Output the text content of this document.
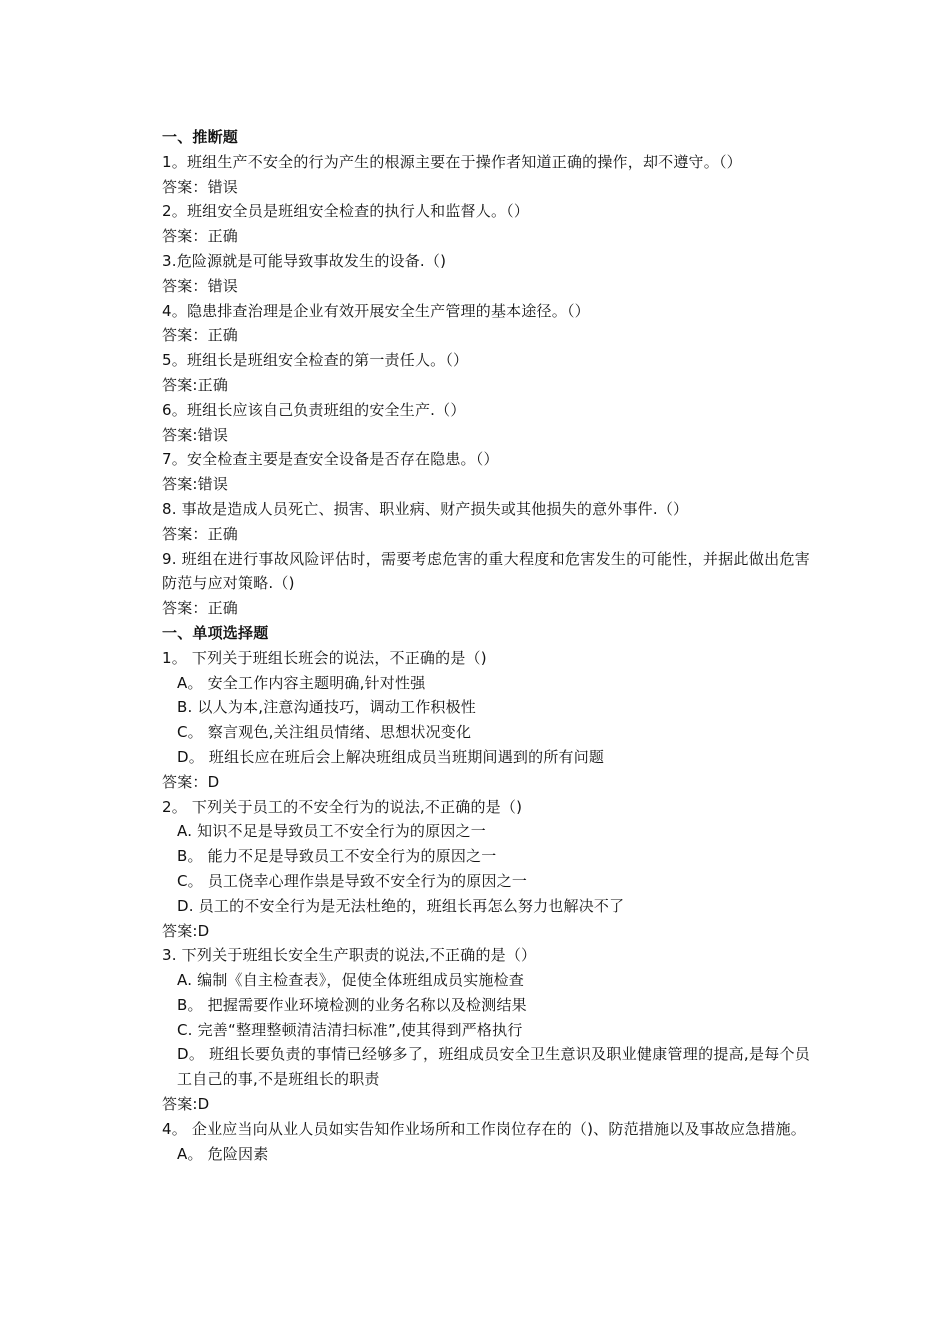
一、推断题
1。班组生产不安全的行为产生的根源主要在于操作者知道正确的操作，却不遵守。（）
答案：错误
2。班组安全员是班组安全检查的执行人和监督人。（）
答案：正确
3.危险源就是可能导致事故发生的设备.（)
答案：错误
4。隐患排查治理是企业有效开展安全生产管理的基本途径。（）
答案：正确
5。班组长是班组安全检查的第一责任人。（）
答案:正确
6。班组长应该自己负责班组的安全生产.（）
答案:错误
7。安全检查主要是查安全设备是否存在隐患。（）
答案:错误
8. 事故是造成人员死亡、损害、职业病、财产损失或其他损失的意外事件.（）
答案：正确
9. 班组在进行事故风险评估时，需要考虑危害的重大程度和危害发生的可能性，并据此做出危害防范与应对策略.（)
答案：正确
一、单项选择题
1。 下列关于班组长班会的说法，不正确的是（)
A。 安全工作内容主题明确,针对性强
B. 以人为本,注意沟通技巧，调动工作积极性
C。 察言观色,关注组员情绪、思想状况变化
D。 班组长应在班后会上解决班组成员当班期间遇到的所有问题
答案：D
2。 下列关于员工的不安全行为的说法,不正确的是（)
A. 知识不足是导致员工不安全行为的原因之一
B。 能力不足是导致员工不安全行为的原因之一
C。 员工侥幸心理作祟是导致不安全行为的原因之一
D. 员工的不安全行为是无法杜绝的，班组长再怎么努力也解决不了
答案:D
3. 下列关于班组长安全生产职责的说法,不正确的是（）
A. 编制《自主检查表》，促使全体班组成员实施检查
B。 把握需要作业环境检测的业务名称以及检测结果
C. 完善“整理整顿清洁清扫标准”,使其得到严格执行
D。 班组长要负责的事情已经够多了，班组成员安全卫生意识及职业健康管理的提高,是每个员工自己的事,不是班组长的职责
答案:D
4。 企业应当向从业人员如实告知作业场所和工作岗位存在的（)、防范措施以及事故应急措施。
A。 危险因素
